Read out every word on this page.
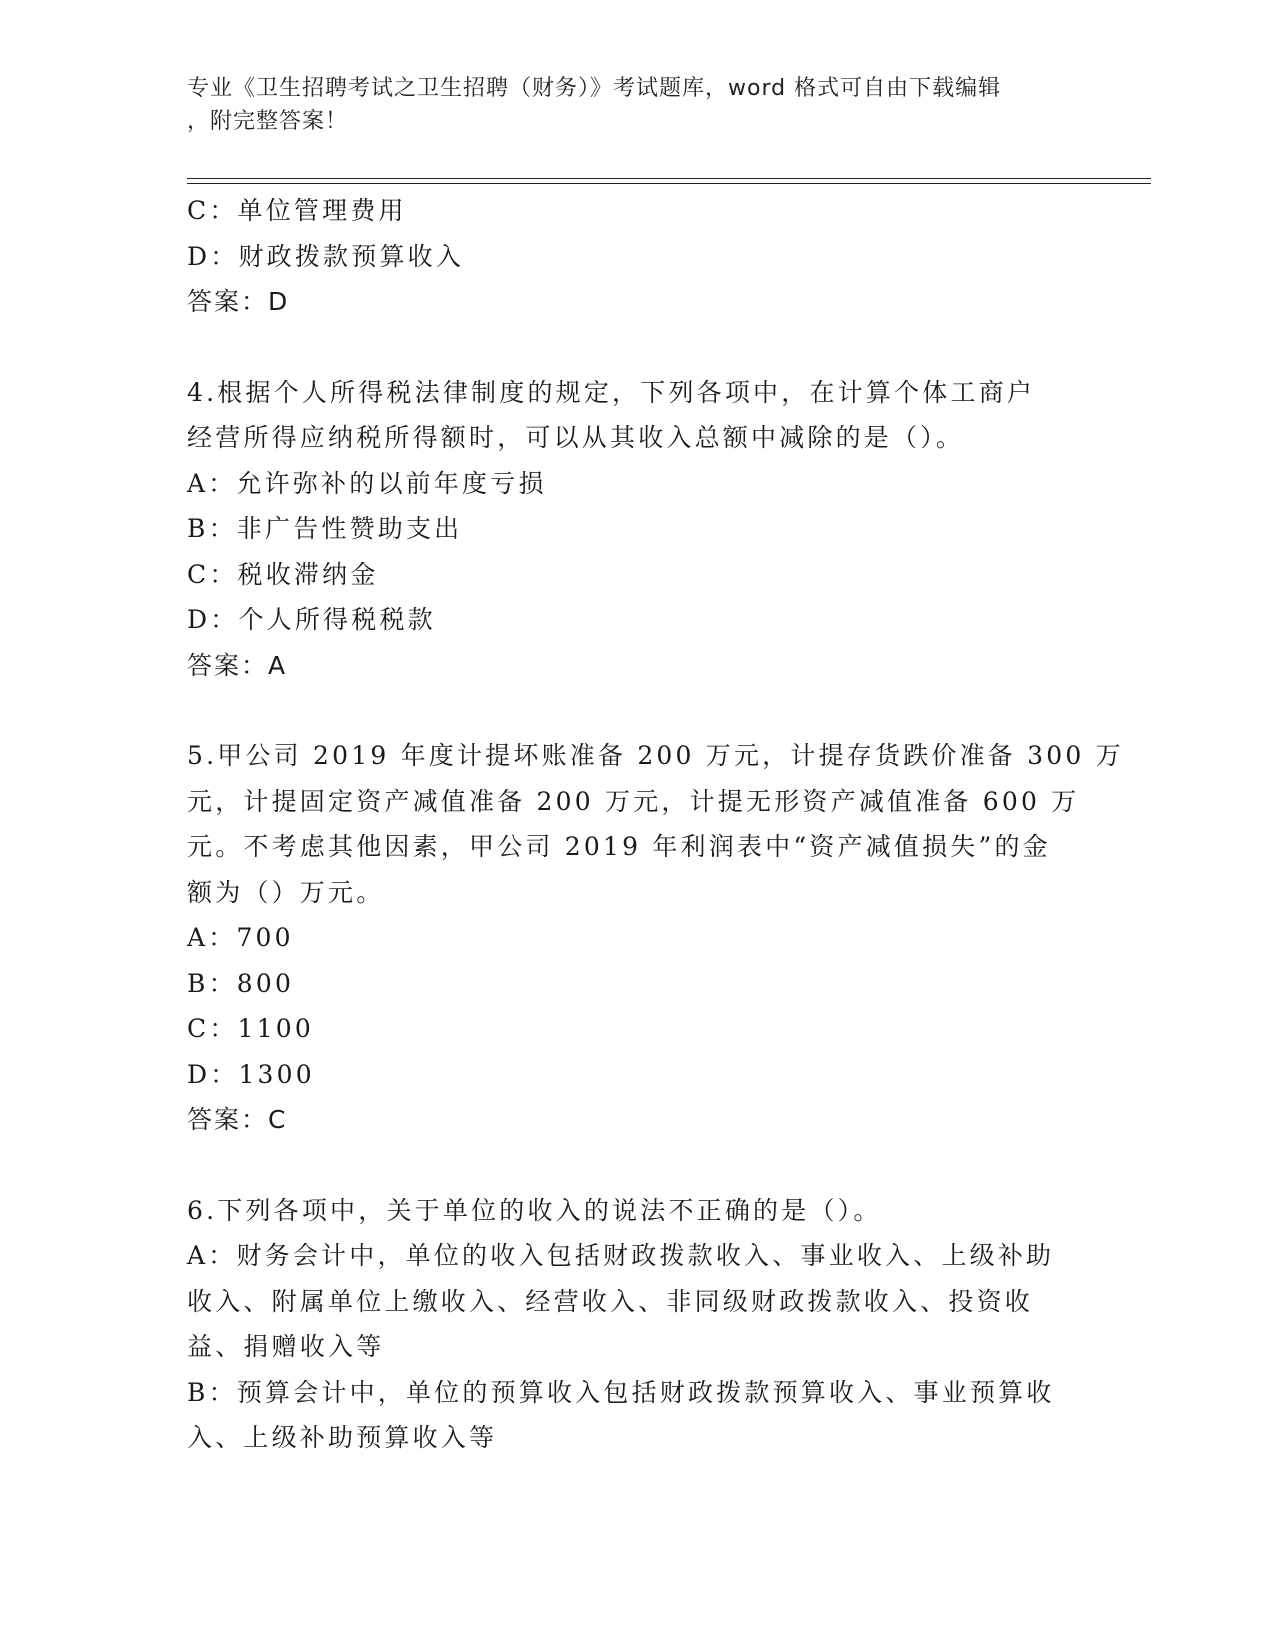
专业《卫生招聘考试之卫生招聘（财务）》考试题库，word 格式可自由下载编辑
，附完整答案！
C：单位管理费用
D：财政拨款预算收入
答案：D
4.根据个人所得税法律制度的规定，下列各项中，在计算个体工商户
经营所得应纳税所得额时，可以从其收入总额中减除的是（）。
A：允许弥补的以前年度亏损
B：非广告性赞助支出
C：税收滞纳金
D：个人所得税税款
答案：A
5.甲公司 2019 年度计提坏账准备 200 万元，计提存货跌价准备 300 万
元，计提固定资产减值准备 200 万元，计提无形资产减值准备 600 万
元。不考虑其他因素，甲公司 2019 年利润表中“资产减值损失”的金
额为（）万元。
A：700
B：800
C：1100
D：1300
答案：C
6.下列各项中，关于单位的收入的说法不正确的是（）。
A：财务会计中，单位的收入包括财政拨款收入、事业收入、上级补助
收入、附属单位上缴收入、经营收入、非同级财政拨款收入、投资收
益、捐赠收入等
B：预算会计中，单位的预算收入包括财政拨款预算收入、事业预算收
入、上级补助预算收入等
